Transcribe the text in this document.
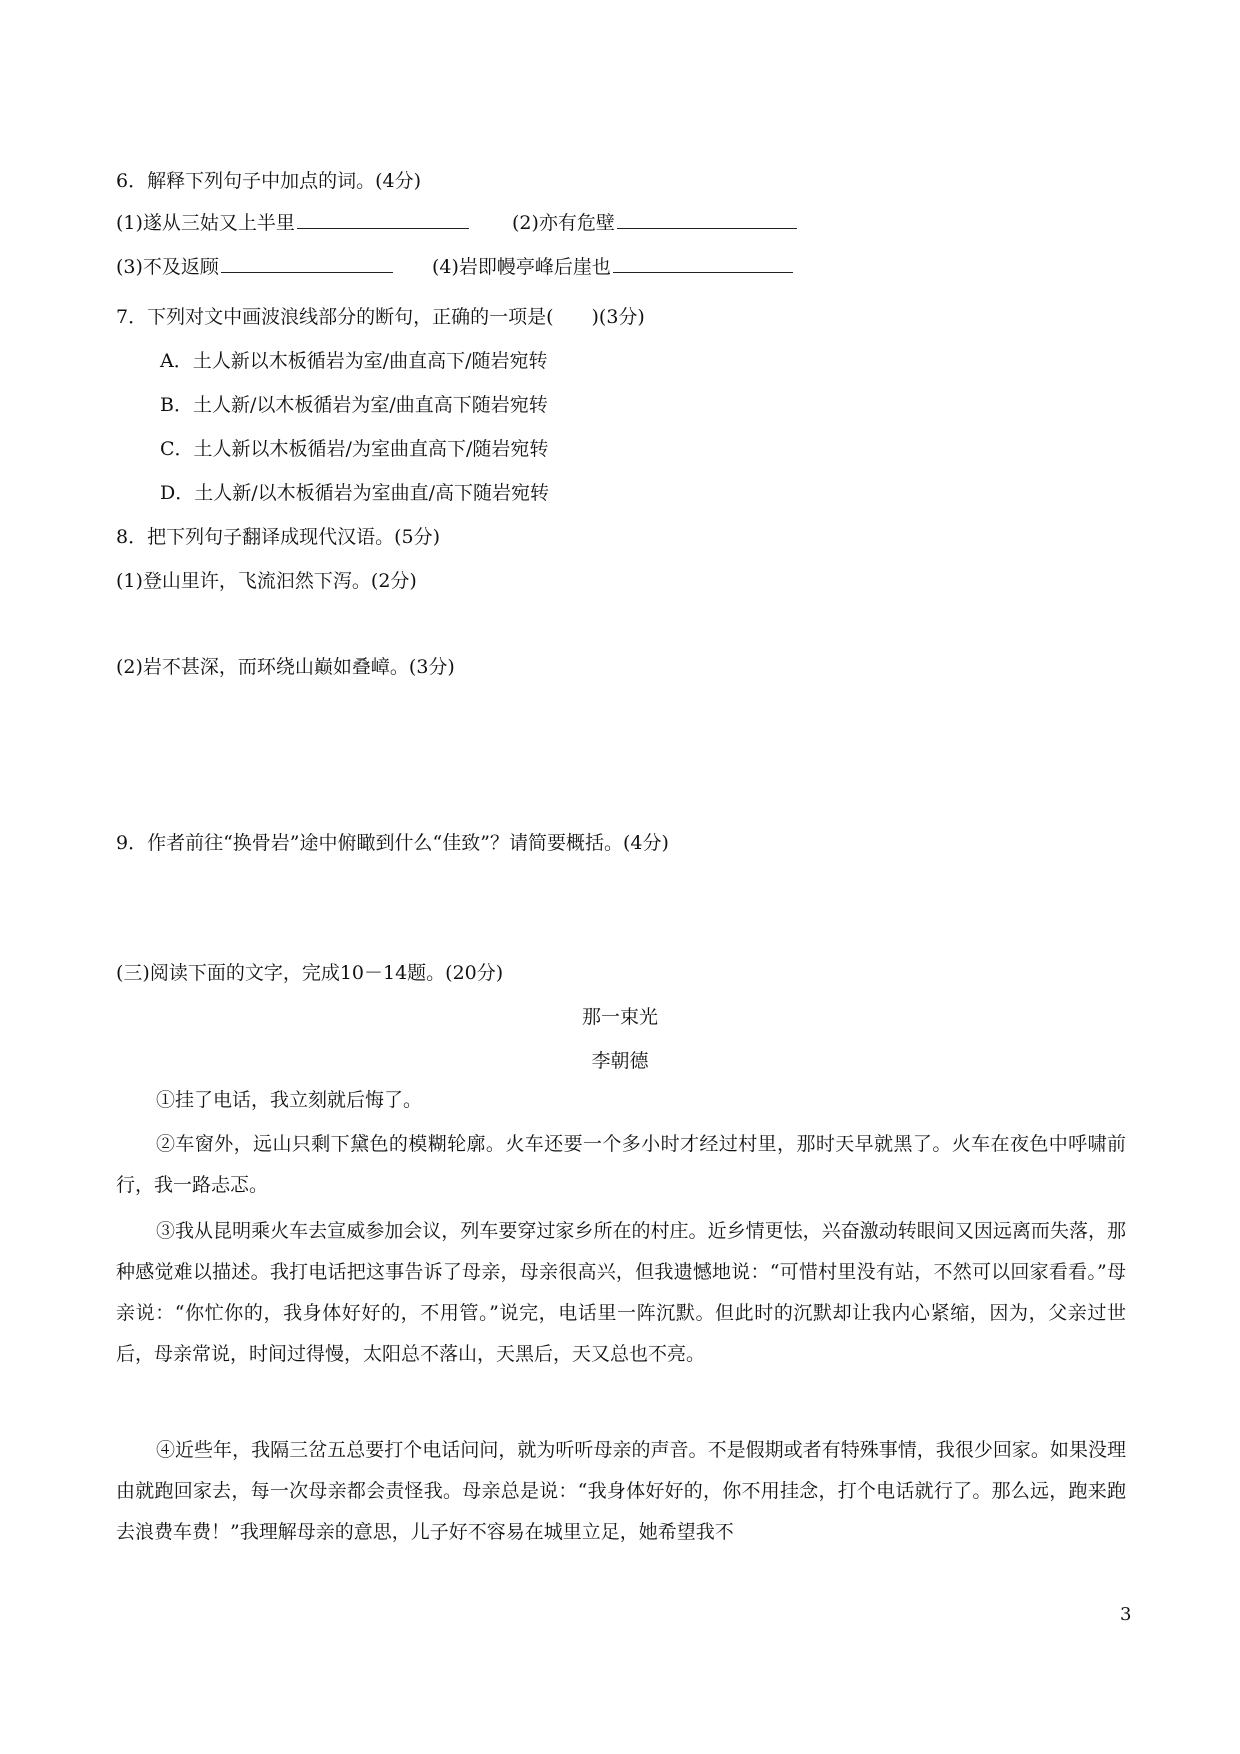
6．解释下列句子中加点的词。(4分)
(1)遂从三姑又上半里	(2)亦有危壁
(3)不及返顾	(4)岩即幔亭峰后崖也
7．下列对文中画波浪线部分的断句，正确的一项是(　　)(3分)
A．土人新以木板循岩为室/曲直高下/随岩宛转
B．土人新/以木板循岩为室/曲直高下随岩宛转
C．土人新以木板循岩/为室曲直高下/随岩宛转
D．土人新/以木板循岩为室曲直/高下随岩宛转
8．把下列句子翻译成现代汉语。(5分)
(1)登山里许，飞流汩然下泻。(2分)
(2)岩不甚深，而环绕山巅如叠嶂。(3分)
9．作者前往“换骨岩”途中俯瞰到什么“佳致”？请简要概括。(4分)
(三)阅读下面的文字，完成10－14题。(20分)
那一束光
李朝德
①挂了电话，我立刻就后悔了。
②车窗外，远山只剩下黛色的模糊轮廓。火车还要一个多小时才经过村里，那时天早就黑了。火车在夜色中呼啸前行，我一路忐忑。
③我从昆明乘火车去宣威参加会议，列车要穿过家乡所在的村庄。近乡情更怯，兴奋激动转眼间又因远离而失落，那种感觉难以描述。我打电话把这事告诉了母亲，母亲很高兴，但我遗憾地说：“可惜村里没有站，不然可以回家看看。”母亲说：“你忙你的，我身体好好的，不用管。”说完，电话里一阵沉默。但此时的沉默却让我内心紧缩，因为，父亲过世后，母亲常说，时间过得慢，太阳总不落山，天黑后，天又总也不亮。
④近些年，我隔三岔五总要打个电话问问，就为听听母亲的声音。不是假期或者有特殊事情，我很少回家。如果没理由就跑回家去，每一次母亲都会责怪我。母亲总是说：“我身体好好的，你不用挂念，打个电话就行了。那么远，跑来跑去浪费车费！”我理解母亲的意思，儿子好不容易在城里立足，她希望我不
3
